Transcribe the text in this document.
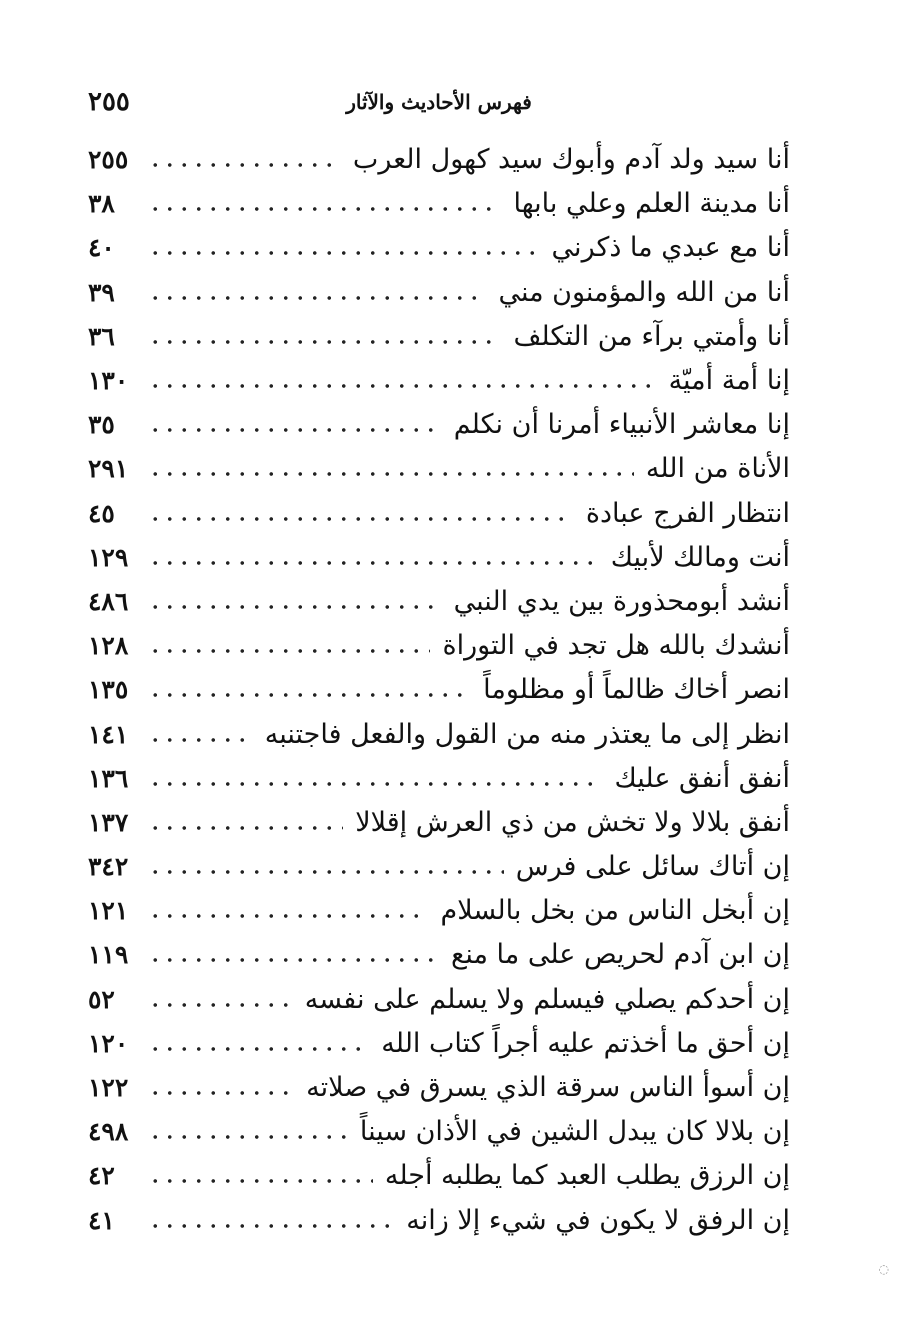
٢٥٥	فهرس الأحاديث والآثار
أنا سيد ولد آدم وأبوك سيد كهول العرب
٢٥٥
أنا مدينة العلم وعلي بابها
٣٨
أنا مع عبدي ما ذكرني
٤٠
أنا من الله والمؤمنون مني
٣٩
أنا وأمتي برآء من التكلف
٣٦
إنا أمة أميّة
١٣٠
إنا معاشر الأنبياء أمرنا أن نكلم
٣٥
الأناة من الله
٢٩١
انتظار الفرج عبادة
٤٥
أنت ومالك لأبيك
١٢٩
أنشد أبومحذورة بين يدي النبي
٤٨٦
أنشدك بالله هل تجد في التوراة
١٢٨
انصر أخاك ظالماً أو مظلوماً
١٣٥
انظر إلى ما يعتذر منه من القول والفعل فاجتنبه
١٤١
أنفق أنفق عليك
١٣٦
أنفق بلالا ولا تخش من ذي العرش إقلالا
١٣٧
إن أتاك سائل على فرس
٣٤٢
إن أبخل الناس من بخل بالسلام
١٢١
إن ابن آدم لحريص على ما منع
١١٩
إن أحدكم يصلي فيسلم ولا يسلم على نفسه
٥٢
إن أحق ما أخذتم عليه أجراً كتاب الله
١٢٠
إن أسوأ الناس سرقة الذي يسرق في صلاته
١٢٢
إن بلالا كان يبدل الشين في الأذان سيناً
٤٩٨
إن الرزق يطلب العبد كما يطلبه أجله
٤٢
إن الرفق لا يكون في شيء إلا زانه
٤١
◌
